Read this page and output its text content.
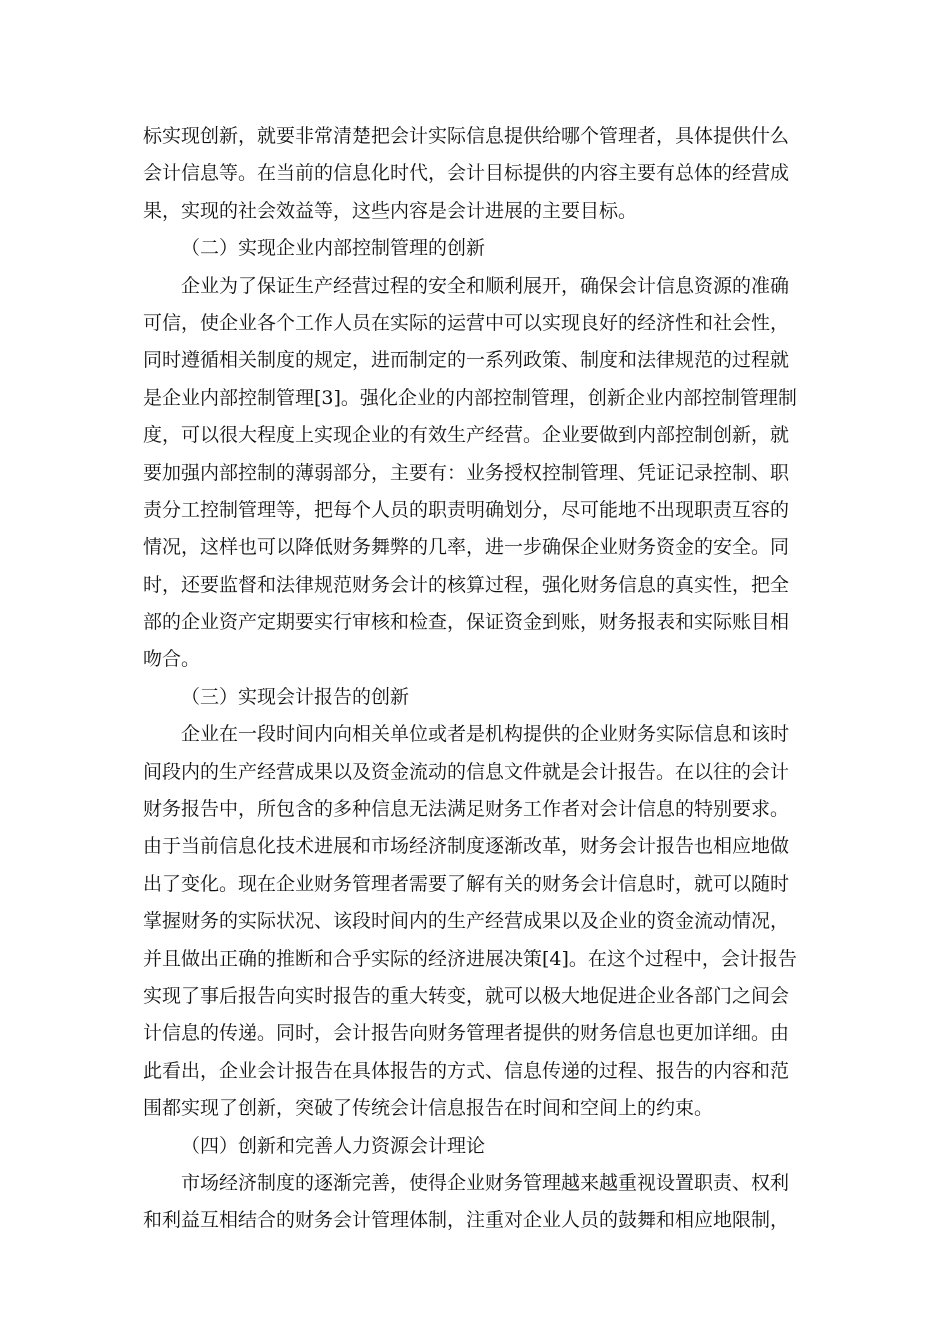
标实现创新，就要非常清楚把会计实际信息提供给哪个管理者，具体提供什么
会计信息等。在当前的信息化时代，会计目标提供的内容主要有总体的经营成
果，实现的社会效益等，这些内容是会计进展的主要目标。
（二）实现企业内部控制管理的创新
企业为了保证生产经营过程的安全和顺利展开，确保会计信息资源的准确
可信，使企业各个工作人员在实际的运营中可以实现良好的经济性和社会性，
同时遵循相关制度的规定，进而制定的一系列政策、制度和法律规范的过程就
是企业内部控制管理[3]。强化企业的内部控制管理，创新企业内部控制管理制
度，可以很大程度上实现企业的有效生产经营。企业要做到内部控制创新，就
要加强内部控制的薄弱部分，主要有：业务授权控制管理、凭证记录控制、职
责分工控制管理等，把每个人员的职责明确划分，尽可能地不出现职责互容的
情况，这样也可以降低财务舞弊的几率，进一步确保企业财务资金的安全。同
时，还要监督和法律规范财务会计的核算过程，强化财务信息的真实性，把全
部的企业资产定期要实行审核和检查，保证资金到账，财务报表和实际账目相
吻合。
（三）实现会计报告的创新
企业在一段时间内向相关单位或者是机构提供的企业财务实际信息和该时
间段内的生产经营成果以及资金流动的信息文件就是会计报告。在以往的会计
财务报告中，所包含的多种信息无法满足财务工作者对会计信息的特别要求。
由于当前信息化技术进展和市场经济制度逐渐改革，财务会计报告也相应地做
出了变化。现在企业财务管理者需要了解有关的财务会计信息时，就可以随时
掌握财务的实际状况、该段时间内的生产经营成果以及企业的资金流动情况，
并且做出正确的推断和合乎实际的经济进展决策[4]。在这个过程中，会计报告
实现了事后报告向实时报告的重大转变，就可以极大地促进企业各部门之间会
计信息的传递。同时，会计报告向财务管理者提供的财务信息也更加详细。由
此看出，企业会计报告在具体报告的方式、信息传递的过程、报告的内容和范
围都实现了创新，突破了传统会计信息报告在时间和空间上的约束。
（四）创新和完善人力资源会计理论
市场经济制度的逐渐完善，使得企业财务管理越来越重视设置职责、权利
和利益互相结合的财务会计管理体制，注重对企业人员的鼓舞和相应地限制，
